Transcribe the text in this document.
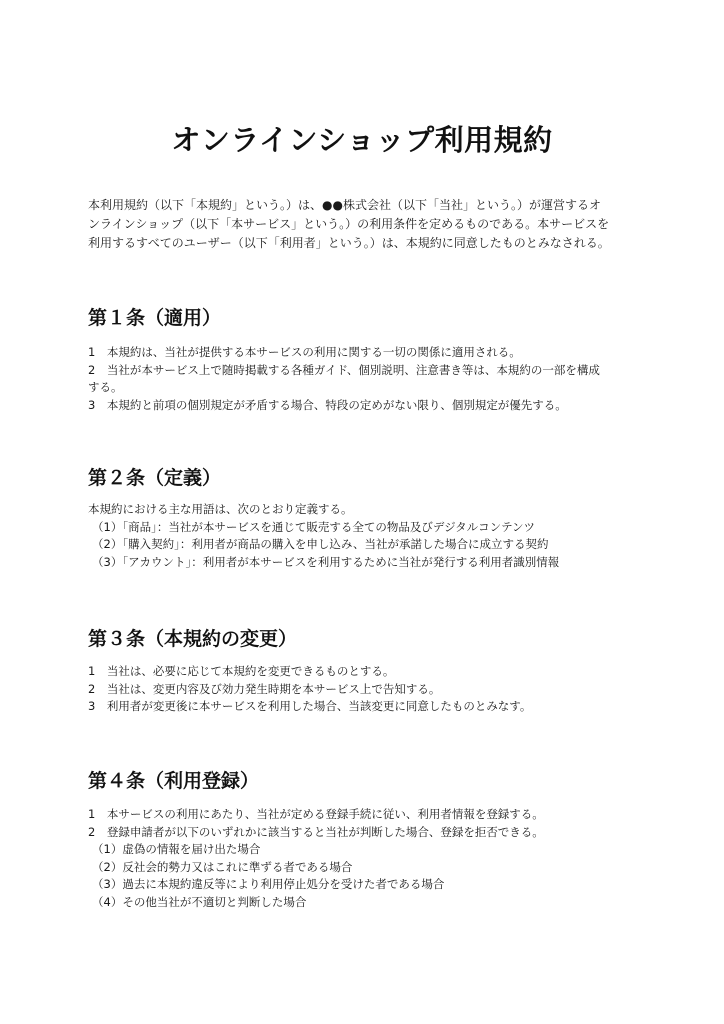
オンラインショップ利用規約

本利用規約（以下「本規約」という。）は、●●株式会社（以下「当社」という。）が運営するオ

ンラインショップ（以下「本サービス」という。）の利用条件を定めるものである。本サービスを

利用するすべてのユーザー（以下「利用者」という。）は、本規約に同意したものとみなされる。

第１条（適用）
1　本規約は、当社が提供する本サービスの利用に関する一切の関係に適用される。
2　当社が本サービス上で随時掲載する各種ガイド、個別説明、注意書き等は、本規約の一部を構成
する。
3　本規約と前項の個別規定が矛盾する場合、特段の定めがない限り、個別規定が優先する。
第２条（定義）
本規約における主な用語は、次のとおり定義する。
（1）「商品」：当社が本サービスを通じて販売する全ての物品及びデジタルコンテンツ
（2）「購入契約」：利用者が商品の購入を申し込み、当社が承諾した場合に成立する契約
（3）「アカウント」：利用者が本サービスを利用するために当社が発行する利用者識別情報
第３条（本規約の変更）
1　当社は、必要に応じて本規約を変更できるものとする。
2　当社は、変更内容及び効力発生時期を本サービス上で告知する。
3　利用者が変更後に本サービスを利用した場合、当該変更に同意したものとみなす。
第４条（利用登録）
1　本サービスの利用にあたり、当社が定める登録手続に従い、利用者情報を登録する。
2　登録申請者が以下のいずれかに該当すると当社が判断した場合、登録を拒否できる。
（1）虚偽の情報を届け出た場合
（2）反社会的勢力又はこれに準ずる者である場合
（3）過去に本規約違反等により利用停止処分を受けた者である場合
（4）その他当社が不適切と判断した場合
